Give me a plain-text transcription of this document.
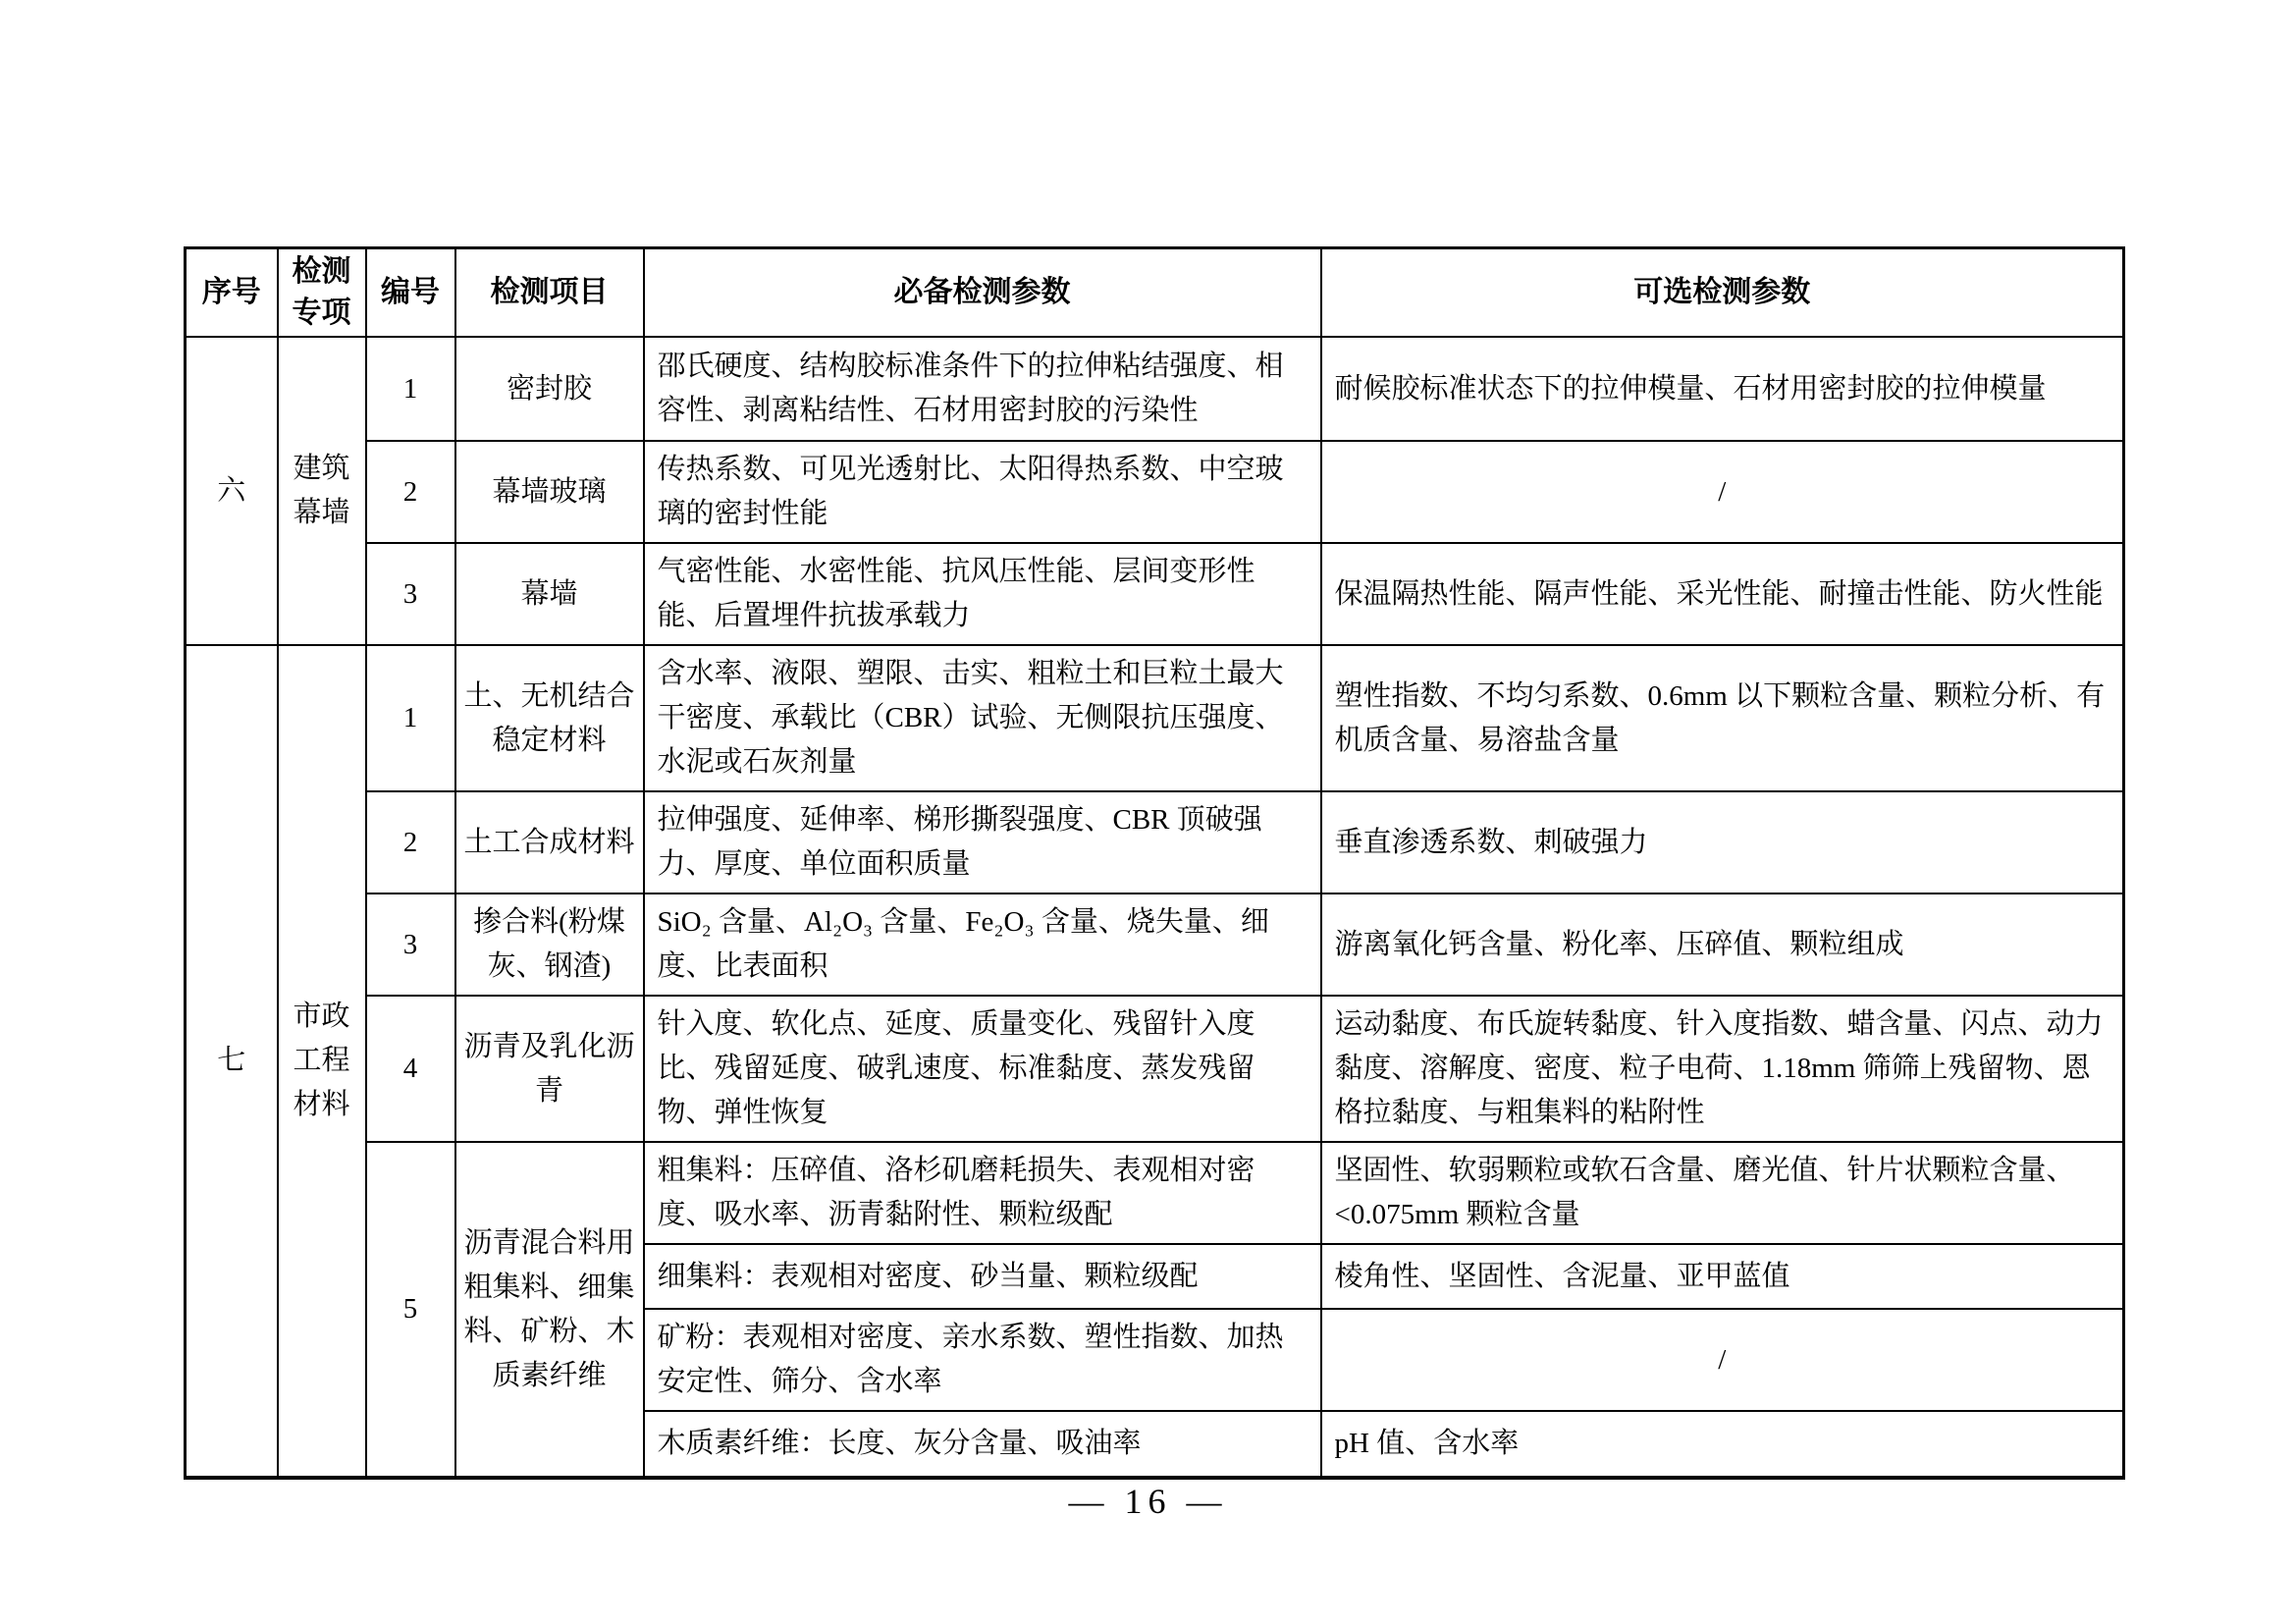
序号	检测专项	编号	检测项目	必备检测参数	可选检测参数
六	建筑幕墙	1	密封胶	邵氏硬度、结构胶标准条件下的拉伸粘结强度、相容性、剥离粘结性、石材用密封胶的污染性	耐候胶标准状态下的拉伸模量、石材用密封胶的拉伸模量
		2	幕墙玻璃	传热系数、可见光透射比、太阳得热系数、中空玻璃的密封性能	/
		3	幕墙	气密性能、水密性能、抗风压性能、层间变形性能、后置埋件抗拔承载力	保温隔热性能、隔声性能、采光性能、耐撞击性能、防火性能
七	市政工程材料	1	土、无机结合稳定材料	含水率、液限、塑限、击实、粗粒土和巨粒土最大干密度、承载比（CBR）试验、无侧限抗压强度、水泥或石灰剂量	塑性指数、不均匀系数、0.6mm 以下颗粒含量、颗粒分析、有机质含量、易溶盐含量
		2	土工合成材料	拉伸强度、延伸率、梯形撕裂强度、CBR 顶破强力、厚度、单位面积质量	垂直渗透系数、刺破强力
		3	掺合料(粉煤灰、钢渣)	SiO₂ 含量、Al₂O₃ 含量、Fe₂O₃ 含量、烧失量、细度、比表面积	游离氧化钙含量、粉化率、压碎值、颗粒组成
		4	沥青及乳化沥青	针入度、软化点、延度、质量变化、残留针入度比、残留延度、破乳速度、标准黏度、蒸发残留物、弹性恢复	运动黏度、布氏旋转黏度、针入度指数、蜡含量、闪点、动力黏度、溶解度、密度、粒子电荷、1.18mm 筛筛上残留物、恩格拉黏度、与粗集料的粘附性
		5	沥青混合料用粗集料、细集料、矿粉、木质素纤维	粗集料：压碎值、洛杉矶磨耗损失、表观相对密度、吸水率、沥青黏附性、颗粒级配	坚固性、软弱颗粒或软石含量、磨光值、针片状颗粒含量、<0.075mm 颗粒含量
				细集料：表观相对密度、砂当量、颗粒级配	棱角性、坚固性、含泥量、亚甲蓝值
				矿粉：表观相对密度、亲水系数、塑性指数、加热安定性、筛分、含水率	/
				木质素纤维：长度、灰分含量、吸油率	pH 值、含水率
— 16 —
